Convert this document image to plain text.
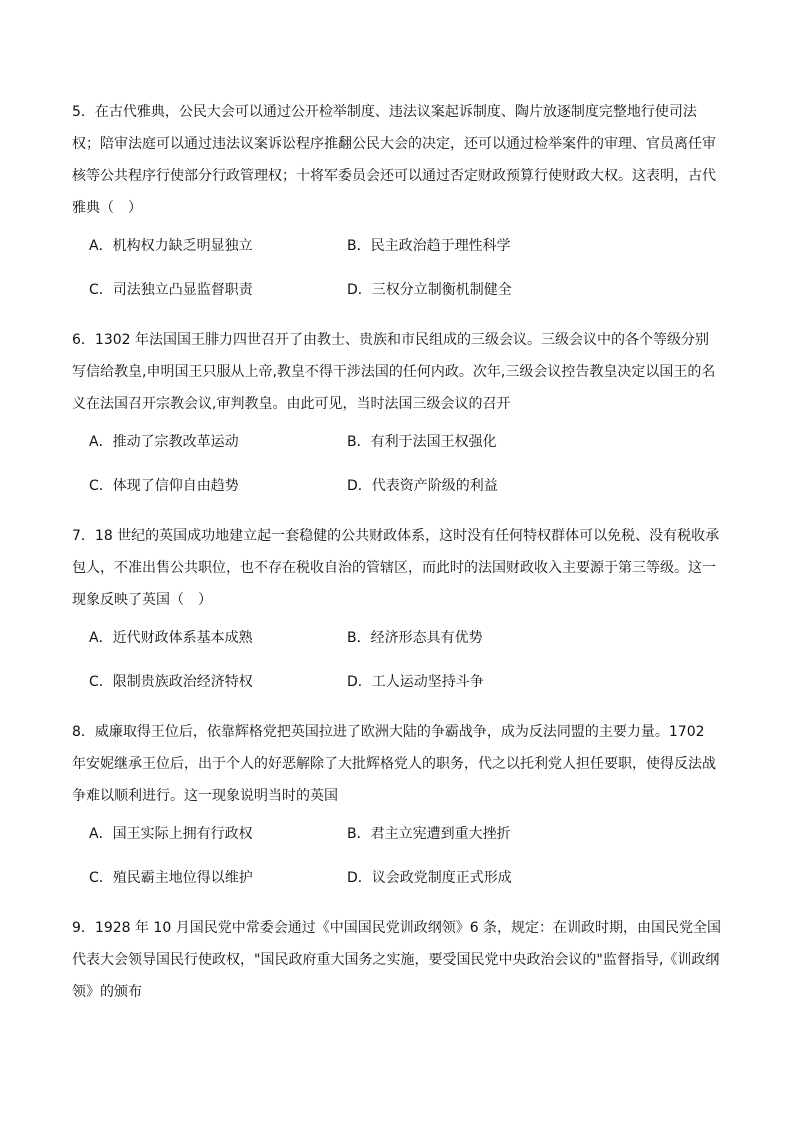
5．在古代雅典，公民大会可以通过公开检举制度、违法议案起诉制度、陶片放逐制度完整地行使司法权；陪审法庭可以通过违法议案诉讼程序推翻公民大会的决定，还可以通过检举案件的审理、官员离任审核等公共程序行使部分行政管理权；十将军委员会还可以通过否定财政预算行使财政大权。这表明，古代雅典（　）

A．机构权力缺乏明显独立	B．民主政治趋于理性科学
C．司法独立凸显监督职责	D．三权分立制衡机制健全

6．1302 年法国国王腓力四世召开了由教士、贵族和市民组成的三级会议。三级会议中的各个等级分别写信给教皇,申明国王只服从上帝,教皇不得干涉法国的任何内政。次年,三级会议控告教皇决定以国王的名义在法国召开宗教会议,审判教皇。由此可见，当时法国三级会议的召开

A．推动了宗教改革运动	B．有利于法国王权强化
C．体现了信仰自由趋势	D．代表资产阶级的利益

7．18 世纪的英国成功地建立起一套稳健的公共财政体系，这时没有任何特权群体可以免税、没有税收承包人，不准出售公共职位，也不存在税收自治的管辖区，而此时的法国财政收入主要源于第三等级。这一现象反映了英国（　）

A．近代财政体系基本成熟	B．经济形态具有优势
C．限制贵族政治经济特权	D．工人运动坚持斗争

8．威廉取得王位后，依靠辉格党把英国拉进了欧洲大陆的争霸战争，成为反法同盟的主要力量。1702 年安妮继承王位后，出于个人的好恶解除了大批辉格党人的职务，代之以托利党人担任要职，使得反法战争难以顺利进行。这一现象说明当时的英国

A．国王实际上拥有行政权	B．君主立宪遭到重大挫折
C．殖民霸主地位得以维护	D．议会政党制度正式形成

9．1928 年 10 月国民党中常委会通过《中国国民党训政纲领》6 条，规定：在训政时期，由国民党全国代表大会领导国民行使政权，"国民政府重大国务之实施，要受国民党中央政治会议的"监督指导,《训政纲领》的颁布
